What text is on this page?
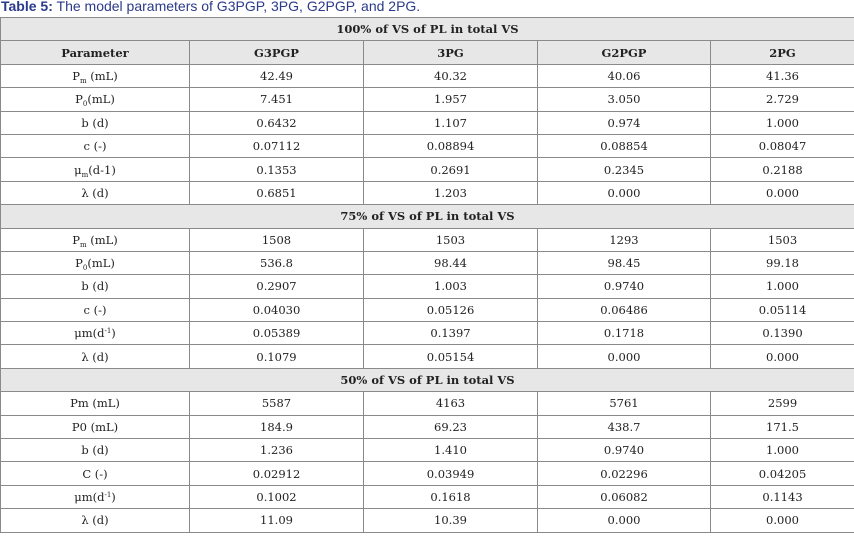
Table 5: The model parameters of G3PGP, 3PG, G2PGP, and 2PG.
100% of VS of PL in total VS				
Parameter	G3PGP	3PG	G2PGP	2PG
$P_m$ (mL)	42.49	40.32	40.06	41.36
$P_0(mL)$	7.451	1.957	3.050	2.729
b (d)	0.6432	1.107	0.974	1.000
c (-)	0.07112	0.08894	0.08854	0.08047
$\mu_m(d-1)$	0.1353	0.2691	0.2345	0.2188
λ (d)	0.6851	1.203	0.000	0.000
75% of VS of PL in total VS				
$P_m$ (mL)	1508	1503	1293	1503
$P_0(mL)$	536.8	98.44	98.45	99.18
b (d)	0.2907	1.003	0.9740	1.000
c (-)	0.04030	0.05126	0.06486	0.05114
$\mu m(d^{-1})$	0.05389	0.1397	0.1718	0.1390
λ (d)	0.1079	0.05154	0.000	0.000
50% of VS of PL in total VS				
Pm (mL)	5587	4163	5761	2599
P0 (mL)	184.9	69.23	438.7	171.5
b (d)	1.236	1.410	0.9740	1.000
C (-)	0.02912	0.03949	0.02296	0.04205
$\mu m(d^{-1})$	0.1002	0.1618	0.06082	0.1143
λ (d)	11.09	10.39	0.000	0.000
